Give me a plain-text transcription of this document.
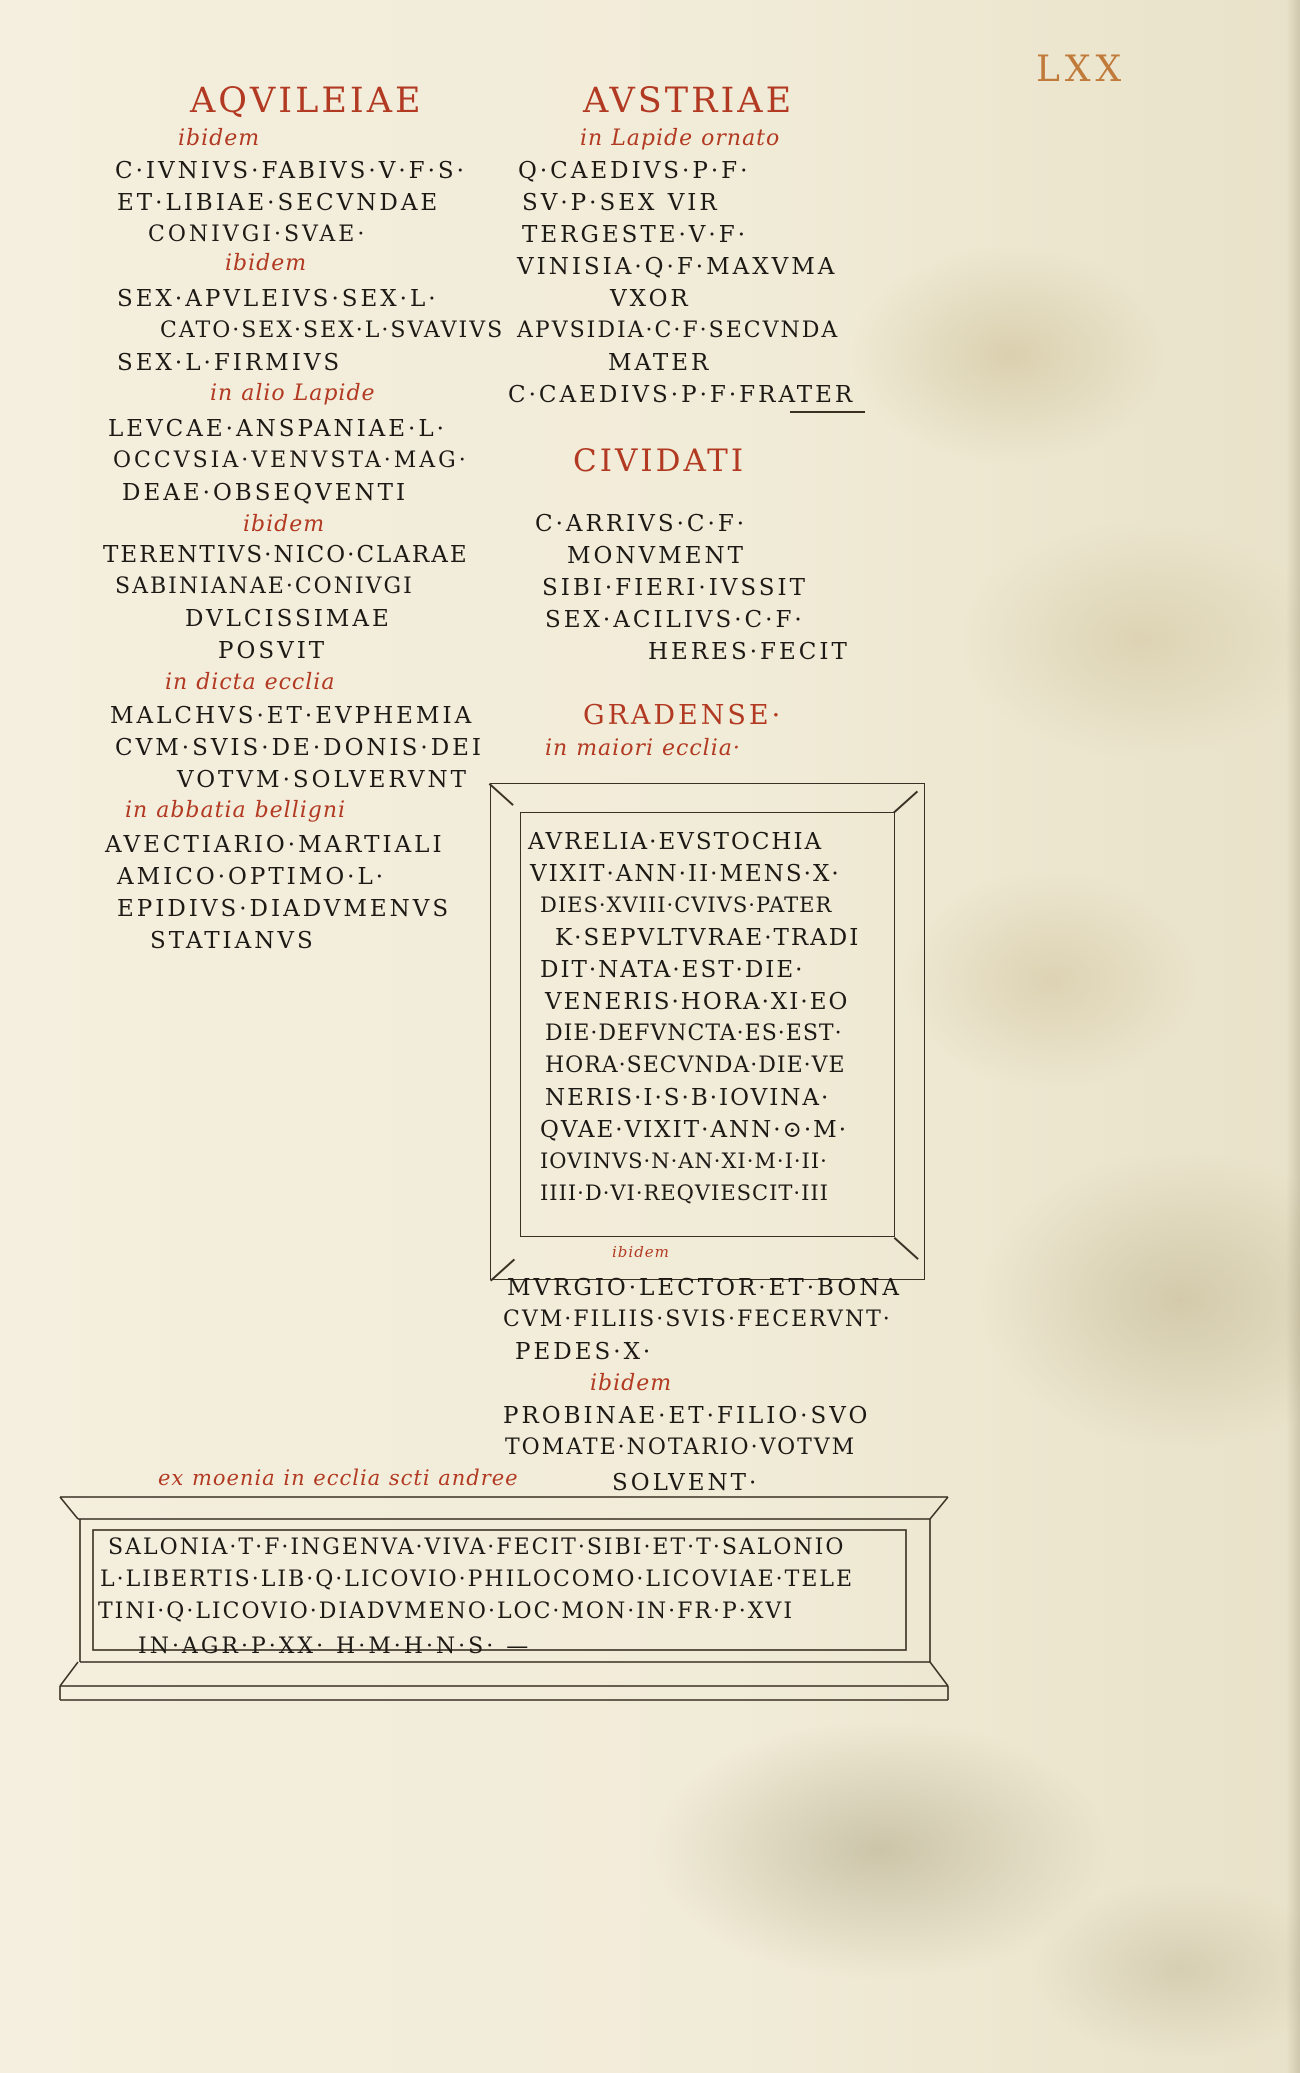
LXX
AQVILEIAE
ibidem
C·IVNIVS·FABIVS·V·F·S·
ET·LIBIAE·SECVNDAE
CONIVGI·SVAE·
ibidem
SEX·APVLEIVS·SEX·L·
CATO·SEX·SEX·L·SVAVIVS
SEX·L·FIRMIVS
in alio Lapide
LEVCAE·ANSPANIAE·L·
OCCVSIA·VENVSTA·MAG·
DEAE·OBSEQVENTI
ibidem
TERENTIVS·NICO·CLARAE
SABINIANAE·CONIVGI
DVLCISSIMAE
POSVIT
in dicta ecclia
MALCHVS·ET·EVPHEMIA
CVM·SVIS·DE·DONIS·DEI
VOTVM·SOLVERVNT
in abbatia belligni
AVECTIARIO·MARTIALI
AMICO·OPTIMO·L·
EPIDIVS·DIADVMENVS
STATIANVS
AVSTRIAE
in Lapide ornato
Q·CAEDIVS·P·F·
SV·P·SEX VIR
TERGESTE·V·F·
VINISIA·Q·F·MAXVMA
VXOR
APVSIDIA·C·F·SECVNDA
MATER
C·CAEDIVS·P·F·FRATER
CIVIDATI
C·ARRIVS·C·F·
MONVMENT
SIBI·FIERI·IVSSIT
SEX·ACILIVS·C·F·
HERES·FECIT
GRADENSE·
in maiori ecclia·
AVRELIA·EVSTOCHIA
VIXIT·ANN·II·MENS·X·
DIES·XVIII·CVIVS·PATER
K·SEPVLTVRAE·TRADI
DIT·NATA·EST·DIE·
VENERIS·HORA·XI·EO
DIE·DEFVNCTA·ES·EST·
HORA·SECVNDA·DIE·VE
NERIS·I·S·B·IOVINA·
QVAE·VIXIT·ANN·⊙·M·
IOVINVS·N·AN·XI·M·I·II·
IIII·D·VI·REQVIESCIT·III
ibidem
MVRGIO·LECTOR·ET·BONA
CVM·FILIIS·SVIS·FECERVNT·
PEDES·X·
ibidem
PROBINAE·ET·FILIO·SVO
TOMATE·NOTARIO·VOTVM
SOLVENT·
ex moenia in ecclia scti andree
SALONIA·T·F·INGENVA·VIVA·FECIT·SIBI·ET·T·SALONIO
L·LIBERTIS·LIB·Q·LICOVIO·PHILOCOMO·LICOVIAE·TELE
TINI·Q·LICOVIO·DIADVMENO·LOC·MON·IN·FR·P·XVI
IN·AGR·P·XX· H·M·H·N·S· —
